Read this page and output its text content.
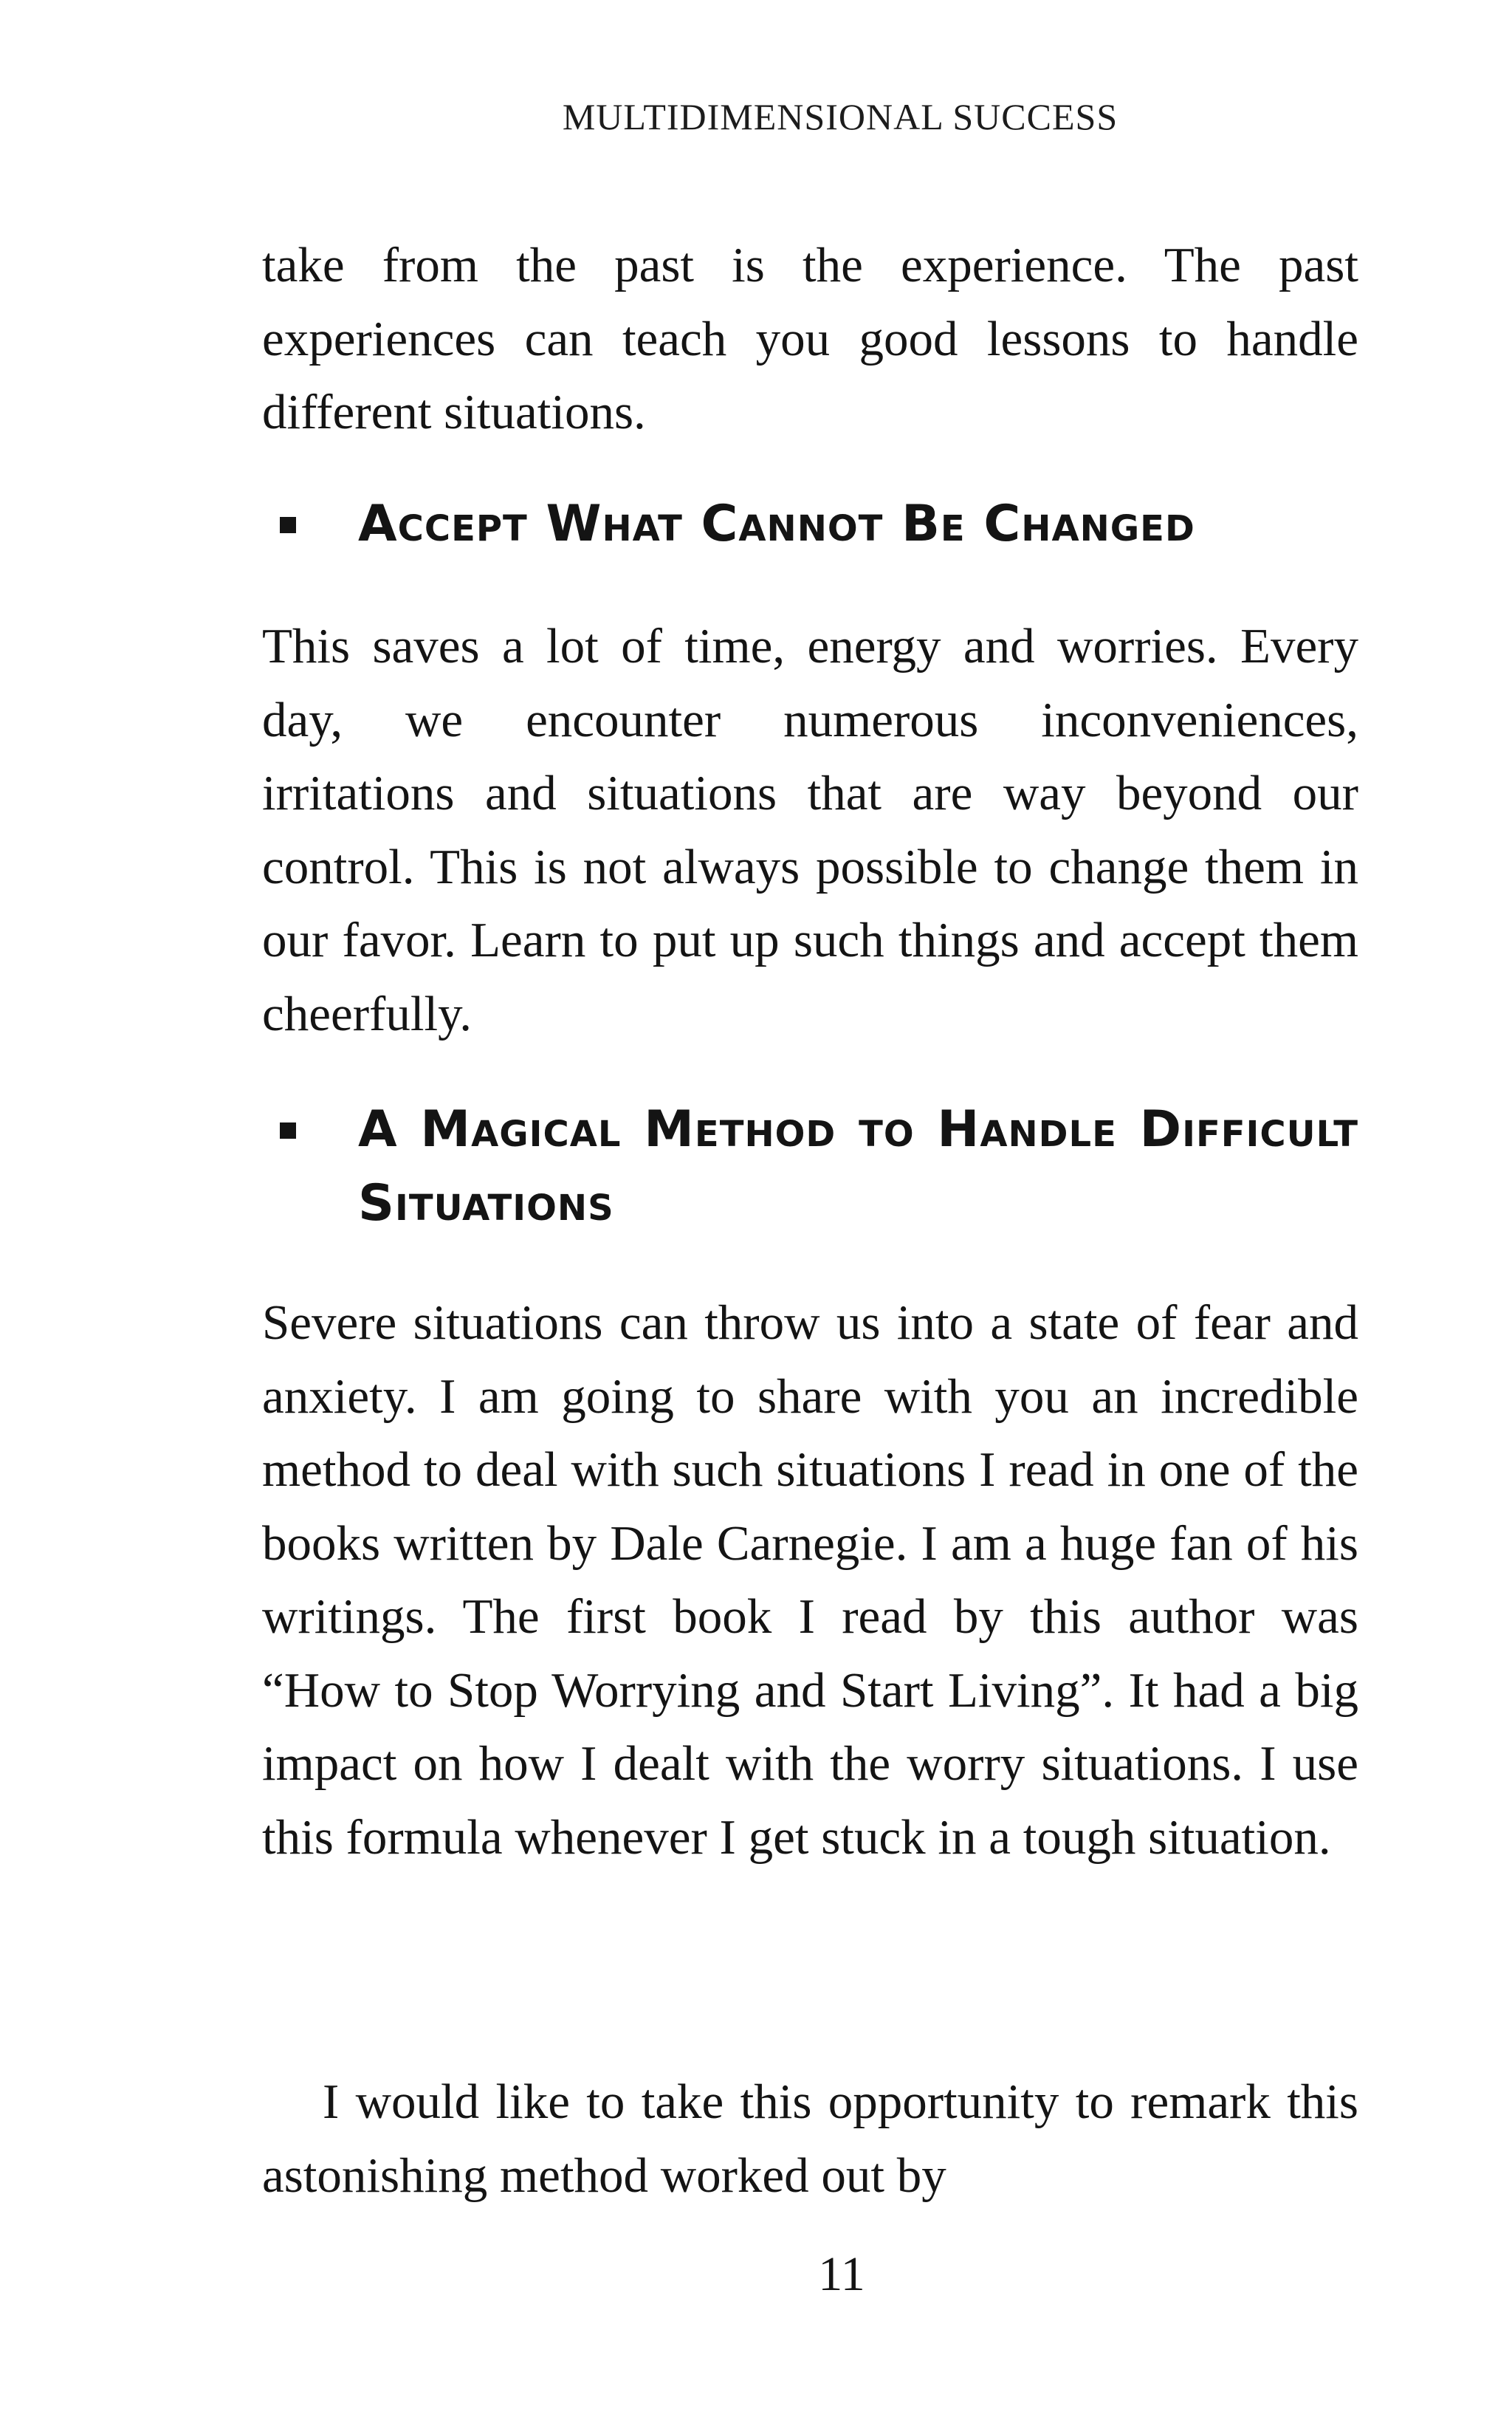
MULTIDIMENSIONAL SUCCESS

take from the past is the experience. The past experiences can teach you good lessons to handle different situations.

Accept What Cannot Be Changed

This saves a lot of time, energy and worries. Every day, we encounter numerous inconveniences, irritations and situations that are way beyond our control. This is not always possible to change them in our favor. Learn to put up such things and accept them cheerfully.

A Magical Method to Handle Difficult Situations

Severe situations can throw us into a state of fear and anxiety. I am going to share with you an incredible method to deal with such situations I read in one of the books written by Dale Carnegie. I am a huge fan of his writings. The first book I read by this author was “How to Stop Worrying and Start Living”. It had a big impact on how I dealt with the worry situations. I use this formula whenever I get stuck in a tough situation.

I would like to take this opportunity to remark this astonishing method worked out by

11
